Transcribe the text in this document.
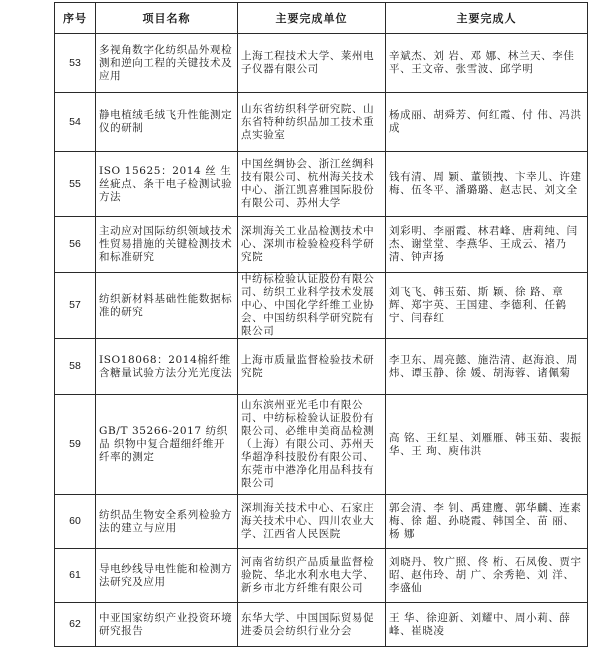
序号	项目名称	主要完成单位	主要完成人
53	多视角数字化纺织品外观检测和逆向工程的关键技术及应用	上海工程技术大学、莱州电子仪器有限公司	辛斌杰、刘 岩、邓 娜、林兰天、李佳平、王文帝、张雪波、邱学明
54	静电植绒毛绒飞升性能测定仪的研制	山东省纺织科学研究院、山东省特种纺织品加工技术重点实验室	杨成丽、胡舜芳、何红霞、付 伟、冯洪成
55	ISO 15625：2014 丝 生丝疵点、条干电子检测试验方法	中国丝绸协会、浙江丝绸科技有限公司、杭州海关技术中心、浙江凯喜雅国际股份有限公司、苏州大学	钱有清、周 颖、董锁拽、卞幸儿、许建梅、伍冬平、潘璐璐、赵志民、刘文全
56	主动应对国际纺织领域技术性贸易措施的关键检测技术和标准研究	深圳海关工业品检测技术中心、深圳市检验检疫科学研究院	刘彩明、李丽霞、林君峰、唐莉纯、闫 杰、谢堂堂、李燕华、王成云、褚乃清、钟声扬
57	纺织新材料基础性能数据标准的研究	中纺标检验认证股份有限公司、纺织工业科学技术发展中心、中国化学纤维工业协会、中国纺织科学研究院有限公司	刘飞飞、韩玉茹、斯 颖、徐 路、章 辉、郑宇英、王国建、李德利、任鹤宁、闫春红
58	ISO18068：2014棉纤维含糖量试验方法分光光度法	上海市质量监督检验技术研究院	李卫东、周亮懿、施浩清、赵海浪、周 炜、谭玉静、徐 媛、胡海蓉、诸佩菊
59	GB/T 35266-2017 纺织品 织物中复合超细纤维开纤率的测定	山东滨州亚光毛巾有限公司、中纺标检验认证股份有限公司、必维申美商品检测（上海）有限公司、苏州天华超净科技股份有限公司、东莞市中港净化用品科技有限公司	高 铭、王红星、刘雁雁、韩玉茹、裴振华、王 珣、庾伟洪
60	纺织品生物安全系列检验方法的建立与应用	深圳海关技术中心、石家庄海关技术中心、四川农业大学、江西省人民医院	郭会清、李 钊、禹建鹰、郭华麟、连素梅、徐 超、孙晓霞、韩国全、苗 丽、杨 娜
61	导电纱线导电性能和检测方法研究及应用	河南省纺织产品质量监督检验院、华北水利水电大学、新乡市北方纤维有限公司	刘晓丹、牧广照、佟 桁、石凤俊、贾宇昭、赵伟玲、胡 广、余秀艳、刘 洋、李盛仙
62	中亚国家纺织产业投资环境研究报告	东华大学、中国国际贸易促进委员会纺织行业分会	王 华、徐迎新、刘耀中、周小莉、薛 峰、崔晓凌
